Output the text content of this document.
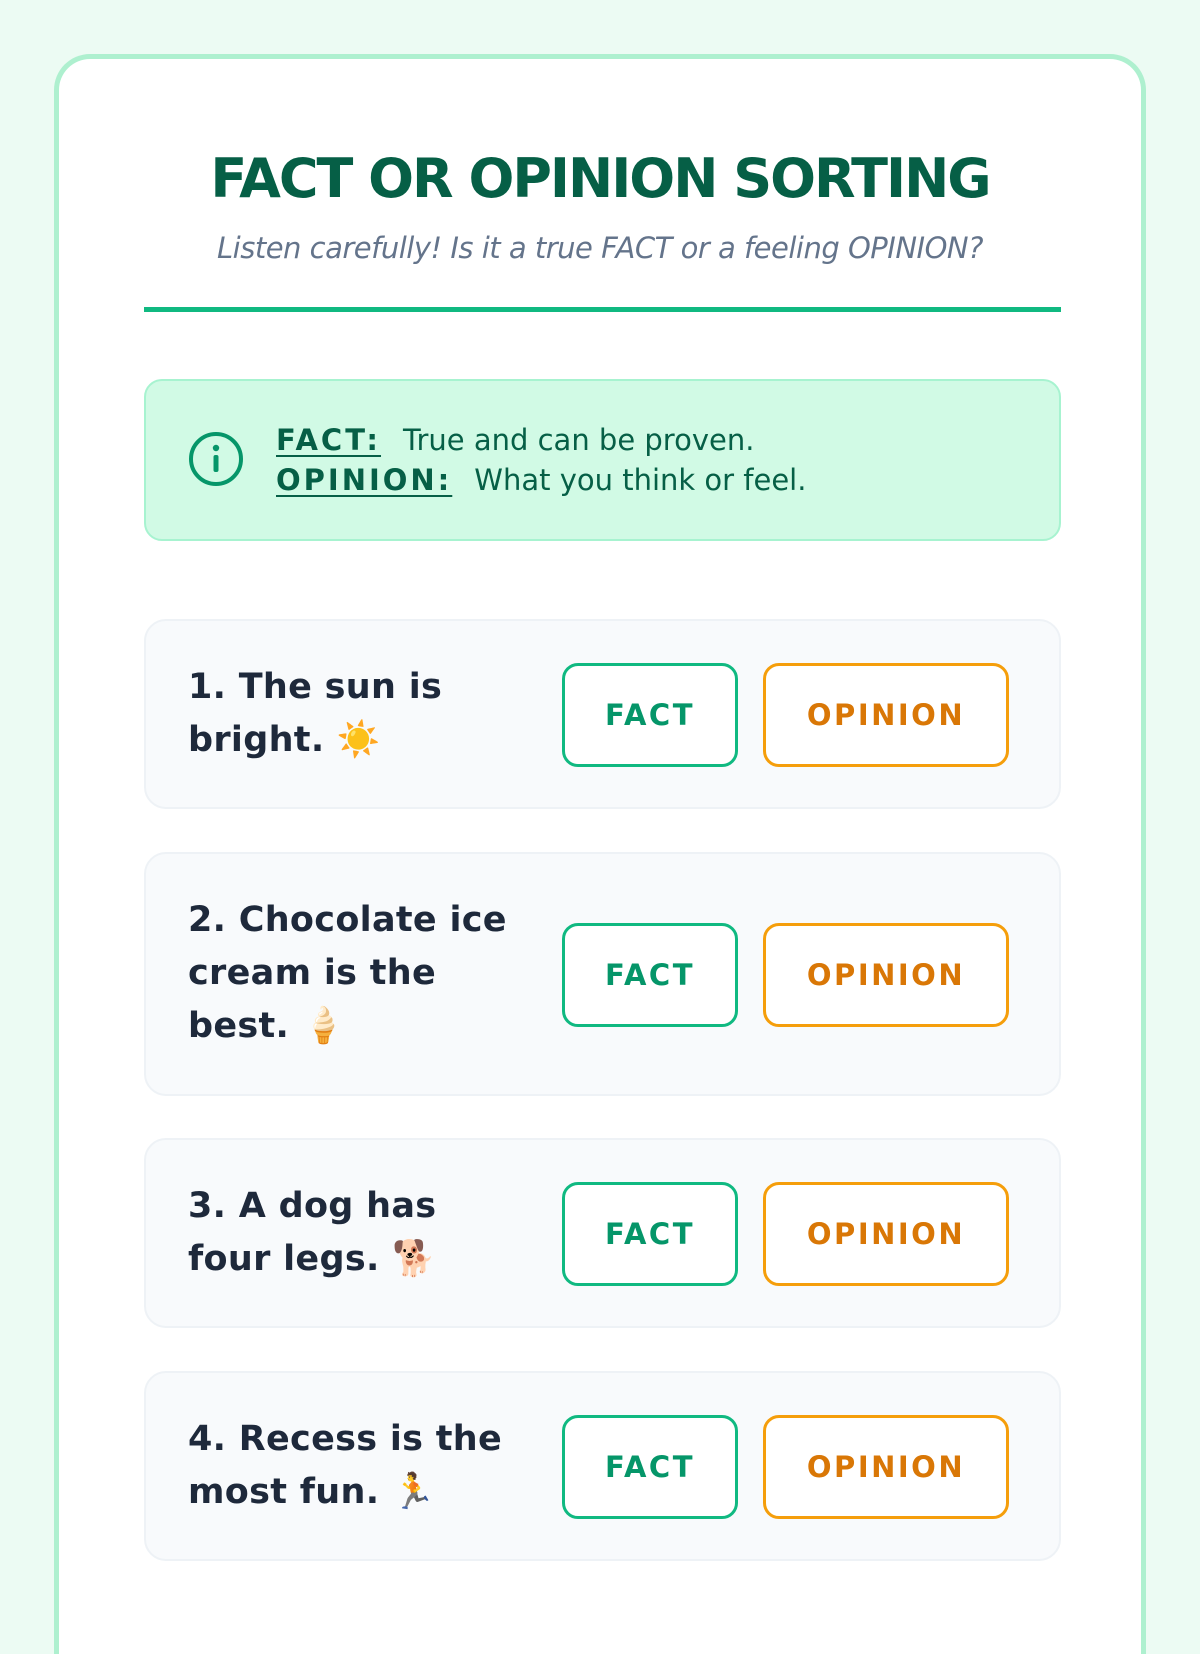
FACT OR OPINION SORTING

Listen carefully! Is it a true FACT or a feeling OPINION?

FACT: True and can be proven.
OPINION: What you think or feel.
1. The sun is bright. ☀️
FACT	OPINION
2. Chocolate ice cream is the best. 🍦
FACT	OPINION
3. A dog has four legs. 🐕
FACT	OPINION
4. Recess is the most fun. 🏃
FACT	OPINION
